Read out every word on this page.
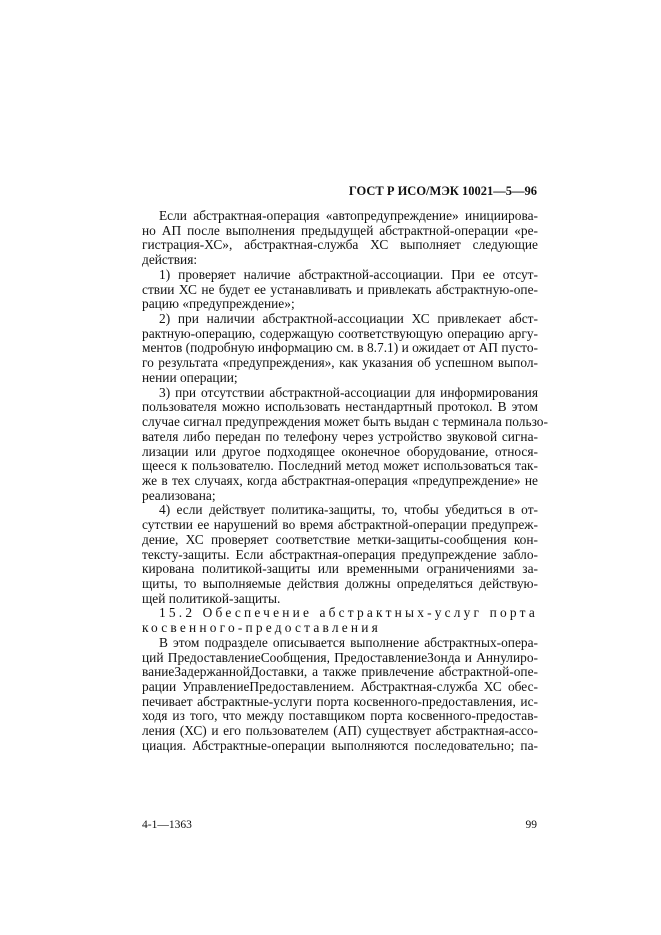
ГОСТ Р ИСО/МЭК 10021—5—96
Если абстрактная-операция «автопредупреждение» инициирова-
но АП после выполнения предыдущей абстрактной-операции «ре-
гистрация-ХС», абстрактная-служба ХС выполняет следующие
действия:
1) проверяет наличие абстрактной-ассоциации. При ее отсут-
ствии ХС не будет ее устанавливать и привлекать абстрактную-опе-
рацию «предупреждение»;
2) при наличии абстрактной-ассоциации ХС привлекает абст-
рактную-операцию, содержащую соответствующую операцию аргу-
ментов (подробную информацию см. в 8.7.1) и ожидает от АП пусто-
го результата «предупреждения», как указания об успешном выпол-
нении операции;
3) при отсутствии абстрактной-ассоциации для информирования
пользователя можно использовать нестандартный протокол. В этом
случае сигнал предупреждения может быть выдан с терминала пользо-
вателя либо передан по телефону через устройство звуковой сигна-
лизации или другое подходящее оконечное оборудование, относя-
щееся к пользователю. Последний метод может использоваться так-
же в тех случаях, когда абстрактная-операция «предупреждение» не
реализована;
4) если действует политика-защиты, то, чтобы убедиться в от-
сутствии ее нарушений во время абстрактной-операции предупреж-
дение, ХС проверяет соответствие метки-защиты-сообщения кон-
тексту-защиты. Если абстрактная-операция предупреждение забло-
кирована политикой-защиты или временными ограничениями за-
щиты, то выполняемые действия должны определяться действую-
щей политикой-защиты.
15.2 Обеспечение абстрактных-услуг порта
косвенного-предоставления
В этом подразделе описывается выполнение абстрактных-опера-
ций ПредоставлениеСообщения, ПредоставлениеЗонда и Аннулиро-
ваниеЗадержаннойДоставки, а также привлечение абстрактной-опе-
рации УправлениеПредоставлением. Абстрактная-служба ХС обес-
печивает абстрактные-услуги порта косвенного-предоставления, ис-
ходя из того, что между поставщиком порта косвенного-предостав-
ления (ХС) и его пользователем (АП) существует абстрактная-ассо-
циация. Абстрактные-операции выполняются последовательно; па-
4-1—1363	99
